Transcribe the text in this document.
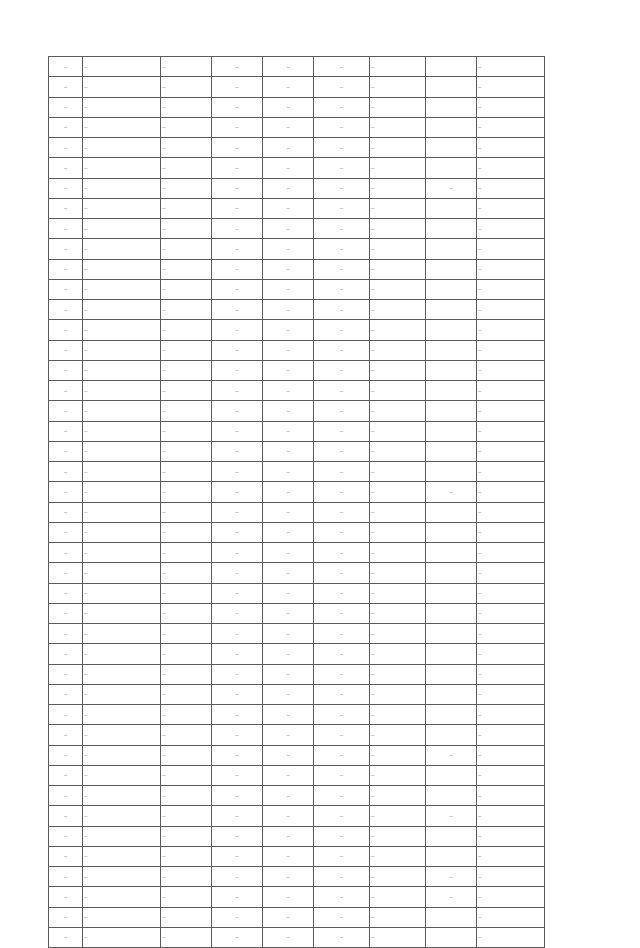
—	—	—	—	—	—	—		—
—	—	—	—	—	—	—		—
—	—	—	—	—	—	—		—
—	—	—	—	—	—	—		—
—	—	—	—	—	—	—		—
—	—	—	—	—	—	—		—
—	—	—	—	—	—	—	—	—
—	—	—	—	—	—	—		—
—	—	—	—	—	—	—		—
—	—	—	—	—	—	—		—
—	—	—	—	—	—	—		—
—	—	—	—	—	—	—		—
—	—	—	—	—	—	—		—
—	—	—	—	—	—	—		—
—	—	—	—	—	—	—		—
—	—	—	—	—	—	—		—
—	—	—	—	—	—	—		—
—	—	—	—	—	—	—		—
—	—	—	—	—	—	—		—
—	—	—	—	—	—	—		—
—	—	—	—	—	—	—		—
—	—	—	—	—	—	—	—	—
—	—	—	—	—	—	—		—
—	—	—	—	—	—	—		—
—	—	—	—	—	—	—		—
—	—	—	—	—	—	—		—
—	—	—	—	—	—	—		—
—	—	—	—	—	—	—		—
—	—	—	—	—	—	—		—
—	—	—	—	—	—	—		—
—	—	—	—	—	—	—		—
—	—	—	—	—	—	—		—
—	—	—	—	—	—	—		—
—	—	—	—	—	—	—		—
—	—	—	—	—	—	—	—	—
—	—	—	—	—	—	—		—
—	—	—	—	—	—	—		—
—	—	—	—	—	—	—	—	—
—	—	—	—	—	—	—		—
—	—	—	—	—	—	—		—
—	—	—	—	—	—	—	—	—
—	—	—	—	—	—	—	—	—
—	—	—	—	—	—	—		—
—	—	—	—	—	—	—		—
